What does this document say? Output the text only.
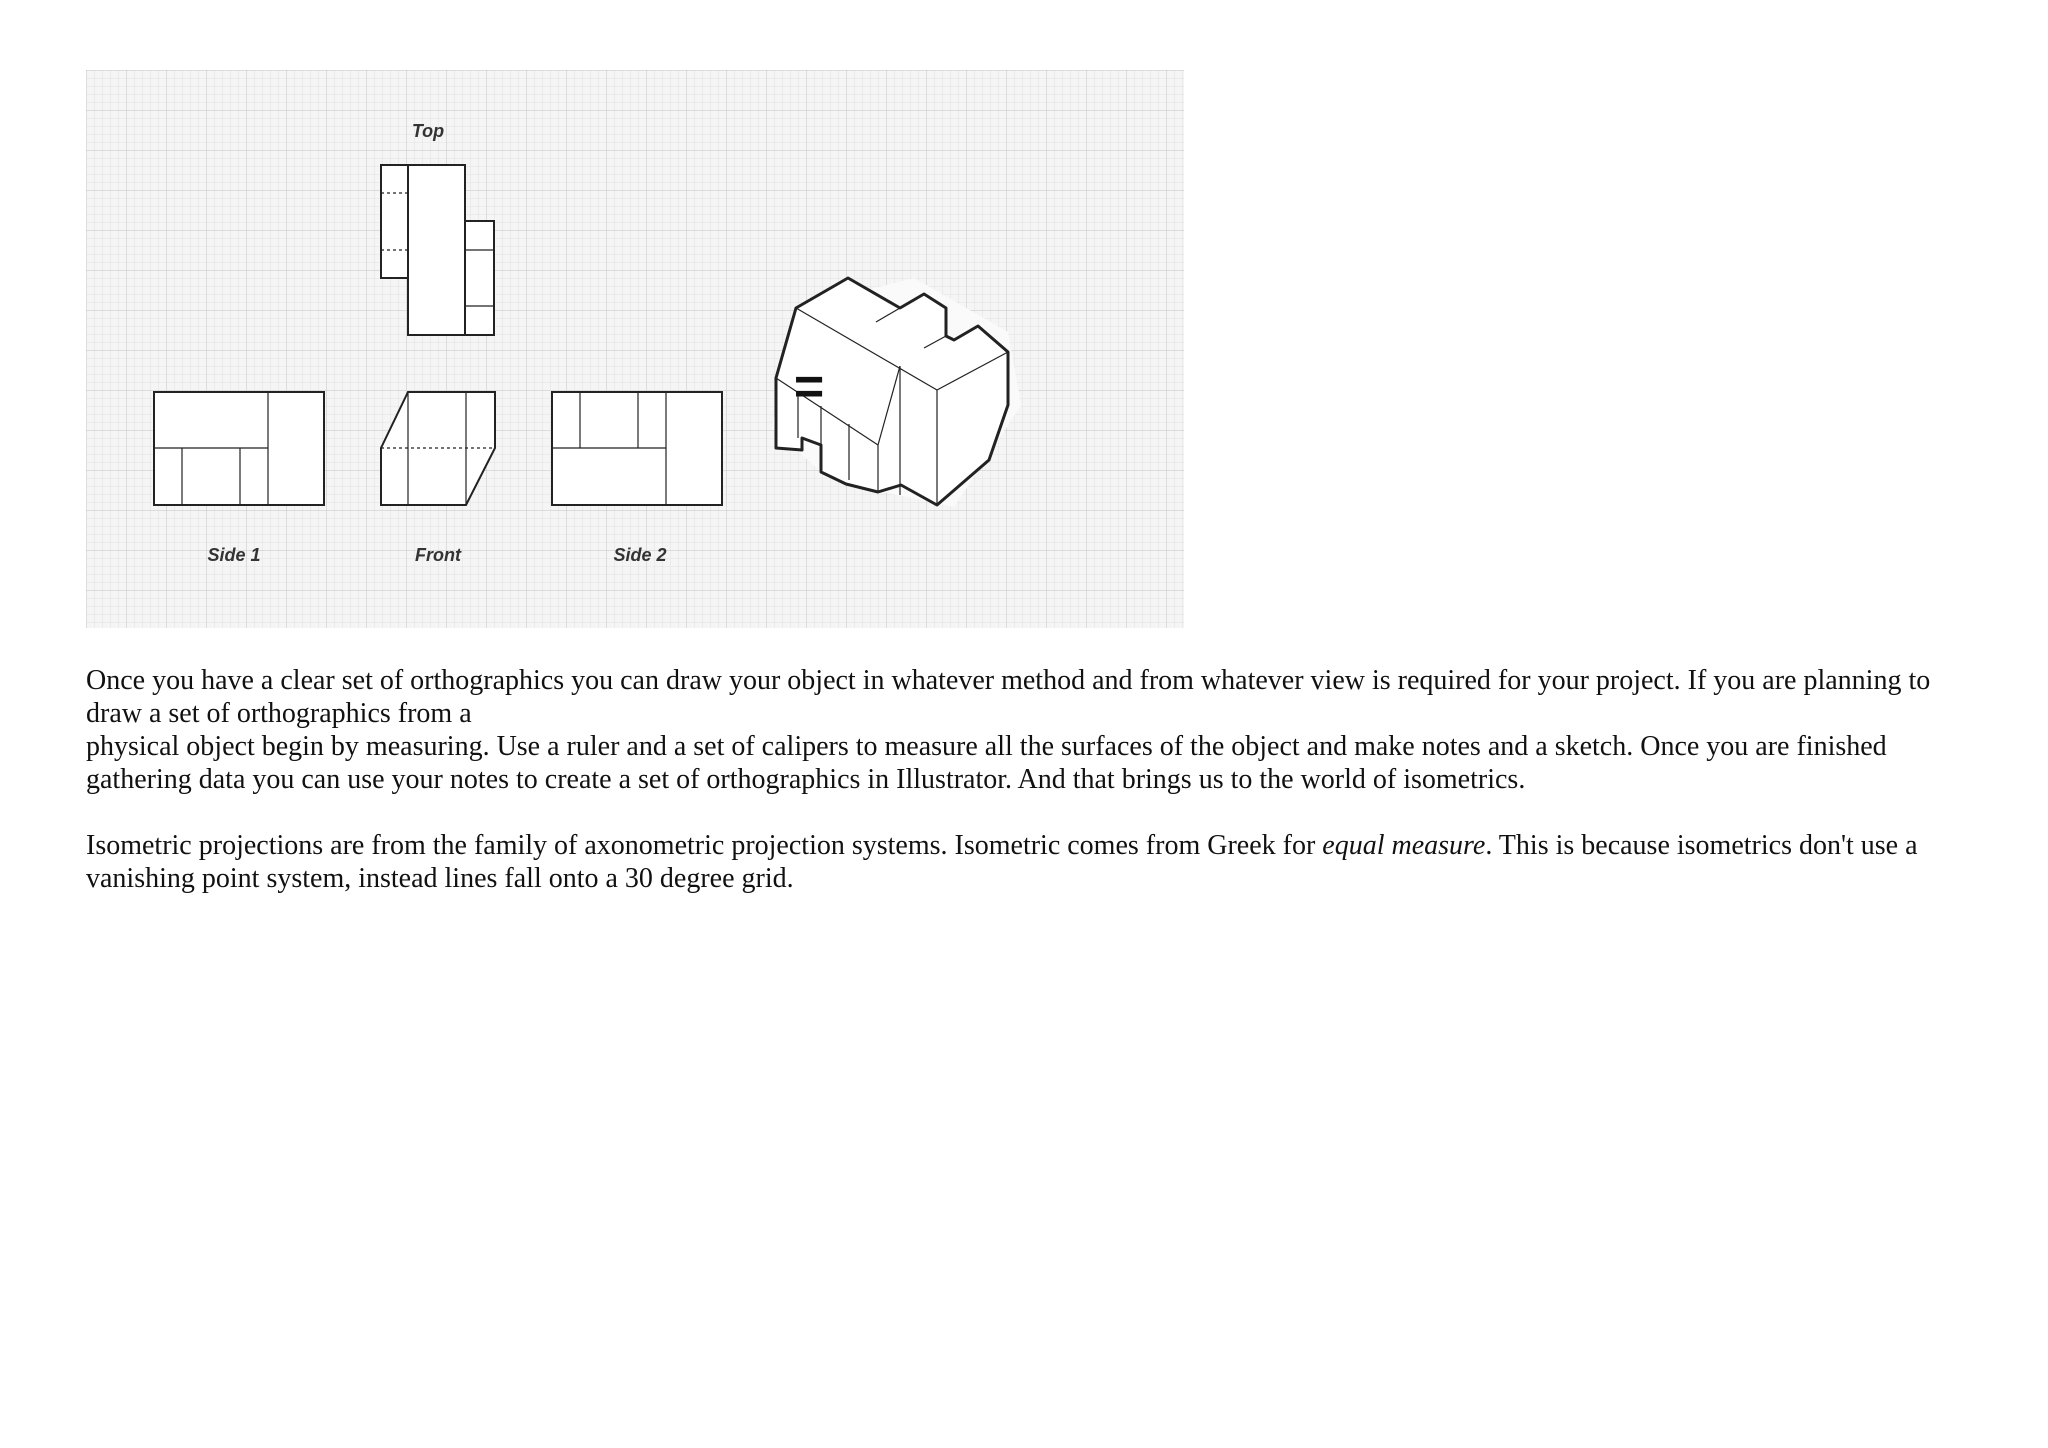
Top
Side 1	Front	Side 2
=

Once you have a clear set of orthographics you can draw your object in whatever method and from whatever view is required for your project. If you are planning to draw a set of orthographics from a
physical object begin by measuring. Use a ruler and a set of calipers to measure all the surfaces of the object and make notes and a sketch. Once you are finished gathering data you can use your notes to create a set of orthographics in Illustrator. And that brings us to the world of isometrics.

Isometric projections are from the family of axonometric projection systems. Isometric comes from Greek for equal measure. This is because isometrics don't use a vanishing point system, instead lines fall onto a 30 degree grid.
